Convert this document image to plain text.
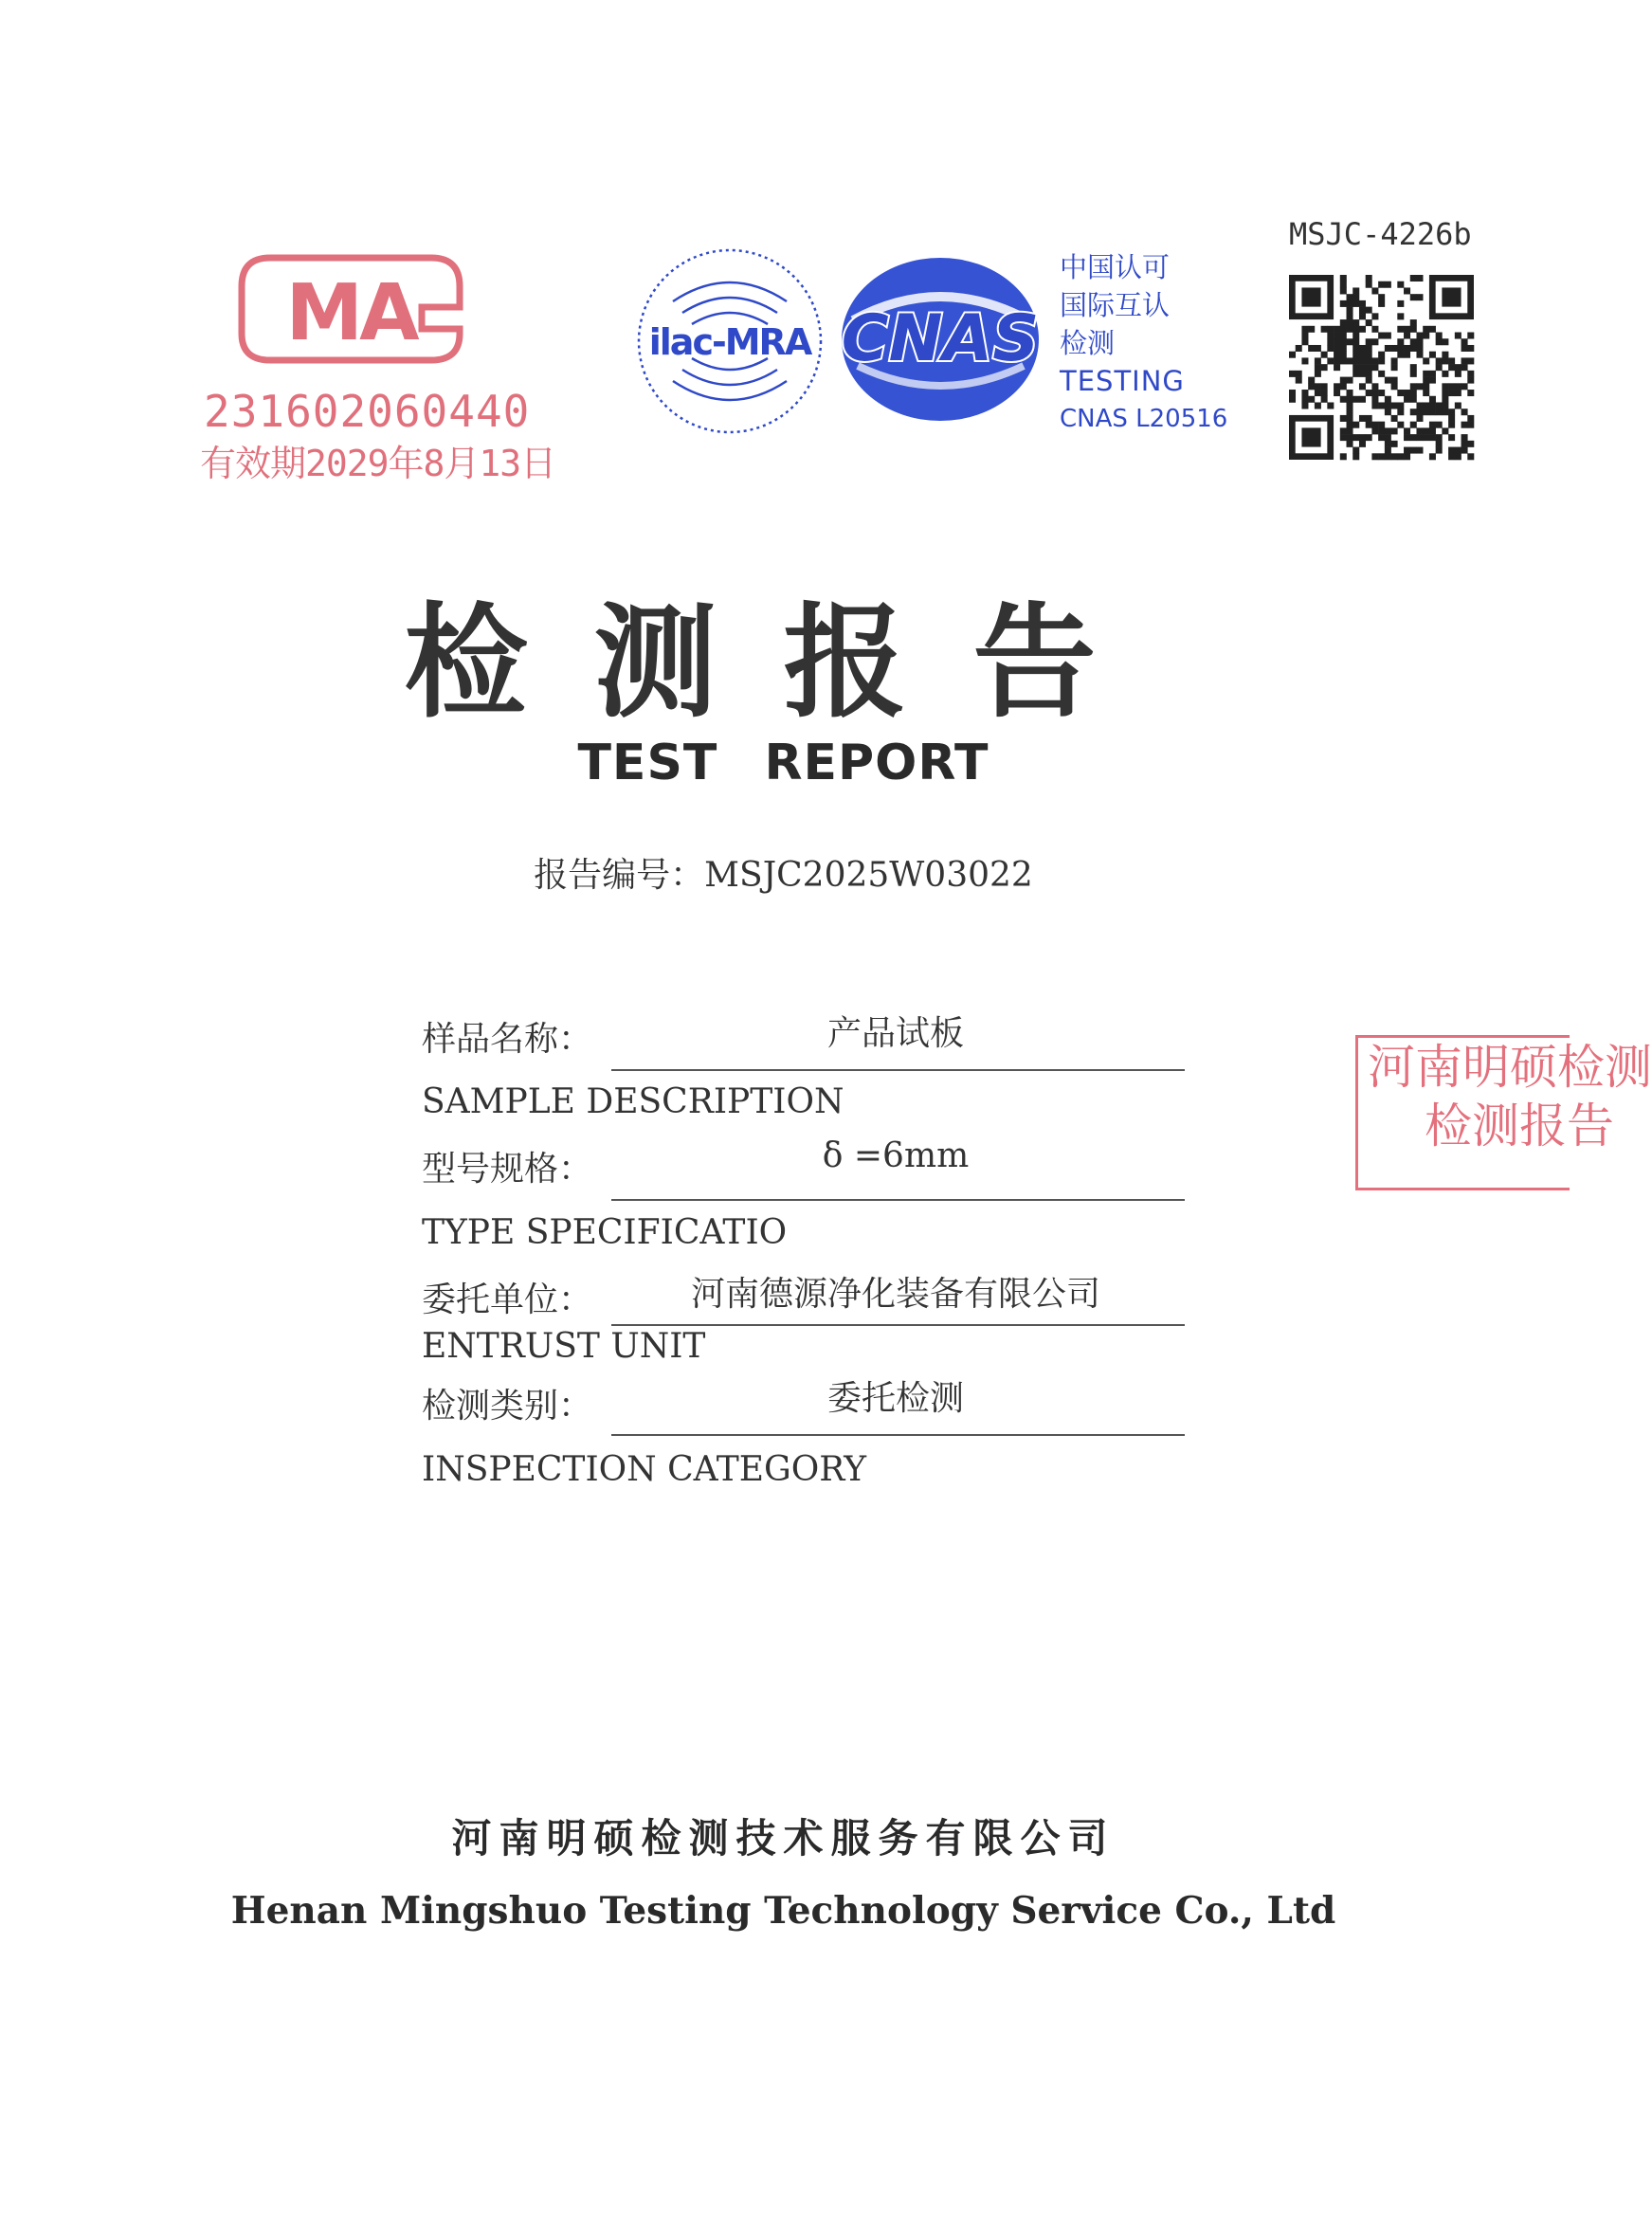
MA
231602060440
有效期2029年8月13日
ilac-MRA CNAS
中国认可
国际互认
检测
TESTING
CNAS L20516
MSJC-4226b
检测报告
TEST REPORT
报告编号：MSJC2025W03022
样品名称：	产品试板
SAMPLE DESCRIPTION
型号规格：	δ =6mm
TYPE SPECIFICATIO
委托单位：	河南德源净化装备有限公司
ENTRUST UNIT
检测类别：	委托检测
INSPECTION CATEGORY
河南明硕检测
检测报告
河南明硕检测技术服务有限公司
Henan Mingshuo Testing Technology Service Co., Ltd
